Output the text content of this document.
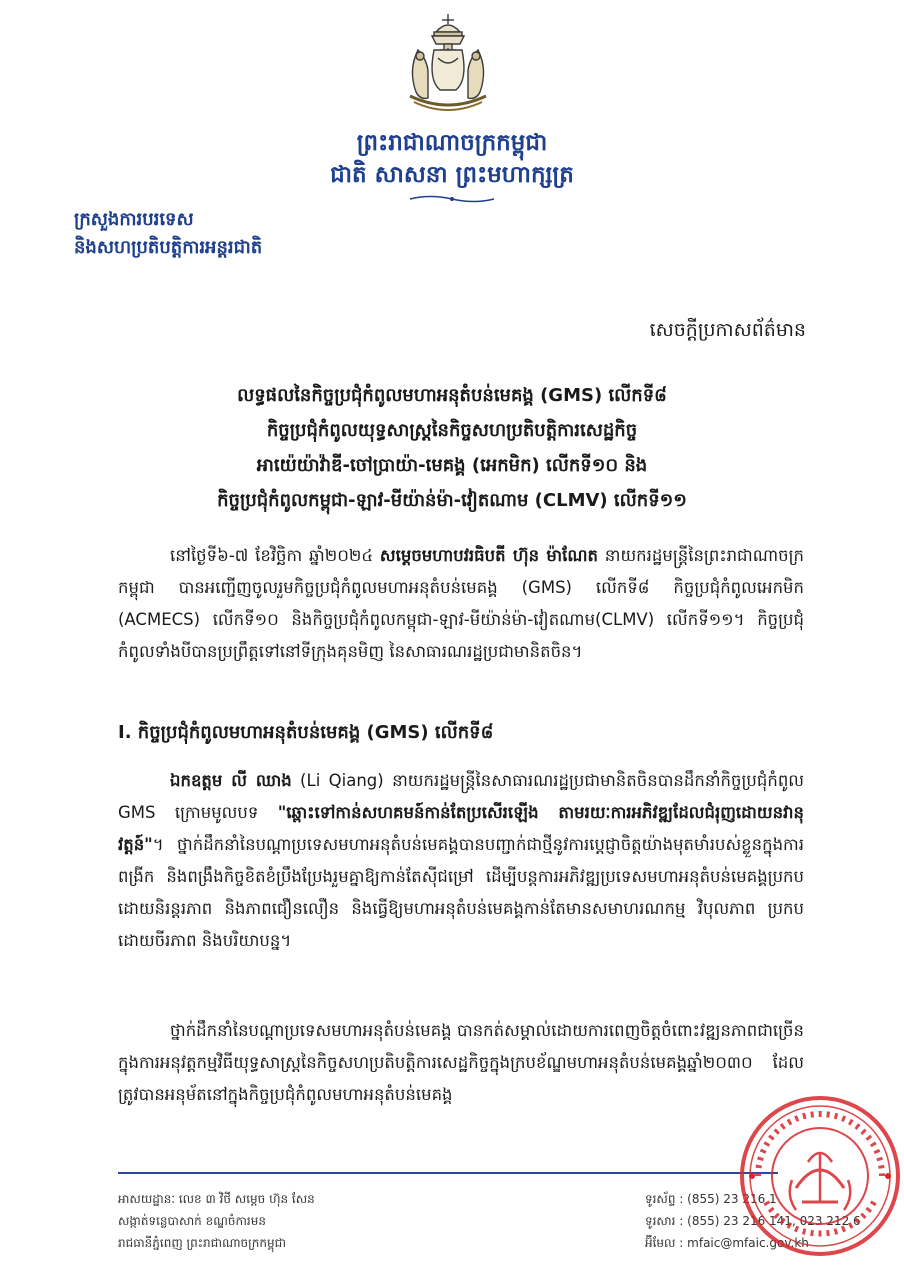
ព្រះរាជាណាចក្រកម្ពុជា
ជាតិ សាសនា ព្រះមហាក្សត្រ
ក្រសួងការបរទេស
និងសហប្រតិបត្តិការអន្តរជាតិ
សេចក្តីប្រកាសព័ត៌មាន
លទ្ធផលនៃកិច្ចប្រជុំកំពូលមហាអនុតំបន់មេគង្គ (GMS) លើកទី៨
កិច្ចប្រជុំកំពូលយុទ្ធសាស្ត្រនៃកិច្ចសហប្រតិបត្តិការសេដ្ឋកិច្ច
អាយ៉េយ៉ាវ៉ាឌី-ចៅប្រាយ៉ា-មេគង្គ (អេកមិក) លើកទី១០ និង
កិច្ចប្រជុំកំពូលកម្ពុជា-ឡាវ-មីយ៉ាន់ម៉ា-វៀតណាម (CLMV) លើកទី១១
នៅថ្ងៃទី៦-៧ ខែវិច្ឆិកា ឆ្នាំ២០២៤ សម្តេចមហាបវរធិបតី ហ៊ុន ម៉ាណែត នាយករដ្ឋមន្ត្រីនៃព្រះរាជាណាចក្រកម្ពុជា បានអញ្ជើញចូលរួមកិច្ចប្រជុំកំពូលមហាអនុតំបន់មេគង្គ (GMS) លើកទី៨ កិច្ចប្រជុំកំពូលអេកមិក (ACMECS) លើកទី១០ និងកិច្ចប្រជុំកំពូលកម្ពុជា-ឡាវ-មីយ៉ាន់ម៉ា-វៀតណាម(CLMV) លើកទី១១។ កិច្ចប្រជុំកំពូលទាំងបីបានប្រព្រឹត្តទៅនៅទីក្រុងគុនមិញ នៃសាធារណរដ្ឋប្រជាមានិតចិន។
I. កិច្ចប្រជុំកំពូលមហាអនុតំបន់មេគង្គ (GMS) លើកទី៨
ឯកឧត្តម លី ឈាង (Li Qiang) នាយករដ្ឋមន្ត្រីនៃសាធារណរដ្ឋប្រជាមានិតចិនបានដឹកនាំកិច្ចប្រជុំកំពូល GMS ក្រោមមូលបទ "ឆ្ពោះទៅកាន់សហគមន៍កាន់តែប្រសើរឡើង តាមរយៈការអភិវឌ្ឍដែលជំរុញដោយនវានុវត្តន៍"។ ថ្នាក់ដឹកនាំនៃបណ្តាប្រទេសមហាអនុតំបន់មេគង្គបានបញ្ជាក់ជាថ្មីនូវការប្តេជ្ញាចិត្តយ៉ាងមុតមាំរបស់ខ្លួនក្នុងការពង្រីក និងពង្រឹងកិច្ចខិតខំប្រឹងប្រែងរួមគ្នាឱ្យកាន់តែស៊ីជម្រៅ ដើម្បីបន្តការអភិវឌ្ឍប្រទេសមហាអនុតំបន់មេគង្គប្រកបដោយនិរន្តរភាព និងភាពជឿនលឿន និងធ្វើឱ្យមហាអនុតំបន់មេគង្គកាន់តែមានសមាហរណកម្ម វិបុលភាព ប្រកបដោយចីរភាព និងបរិយាបន្ន។
ថ្នាក់ដឹកនាំនៃបណ្តាប្រទេសមហាអនុតំបន់មេគង្គ បានកត់សម្គាល់ដោយការពេញចិត្តចំពោះវឌ្ឍនភាពជាច្រើនក្នុងការអនុវត្តកម្មវិធីយុទ្ធសាស្ត្រនៃកិច្ចសហប្រតិបត្តិការសេដ្ឋកិច្ចក្នុងក្របខ័ណ្ឌមហាអនុតំបន់មេគង្គឆ្នាំ២០៣០ ដែលត្រូវបានអនុម័តនៅក្នុងកិច្ចប្រជុំកំពូលមហាអនុតំបន់មេគង្គ
អាសយដ្ឋានៈ លេខ ៣ វិថី សម្តេច ហ៊ុន សែន
សង្កាត់ទន្លេបាសាក់ ខណ្ឌចំការមន
រាជធានីភ្នំពេញ ព្រះរាជាណាចក្រកម្ពុជា
ទូរស័ព្ទ : (855) 23 216 1
ទូរសារ : (855) 23 216 141, 023 212 6
អ៊ីមែល : mfaic@mfaic.gov.kh
